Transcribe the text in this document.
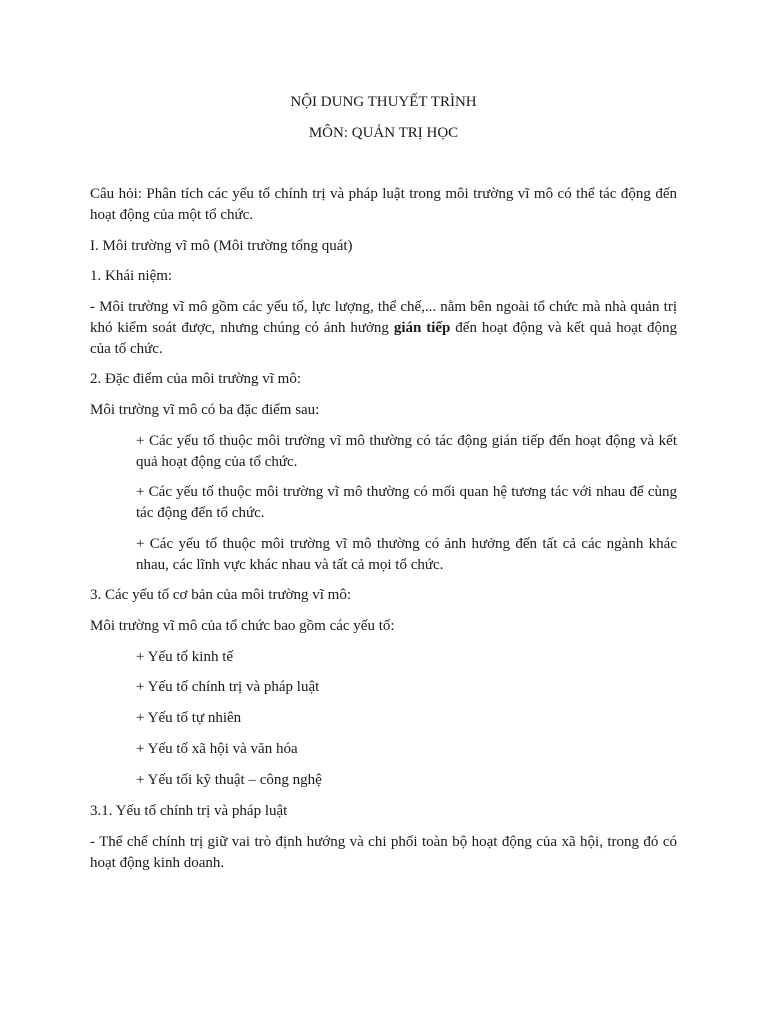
NỘI DUNG THUYẾT TRÌNH

MÔN: QUẢN TRỊ HỌC

Câu hỏi: Phân tích các yếu tố chính trị và pháp luật trong môi trường vĩ mô có thể tác động đến hoạt động của một tổ chức.

I. Môi trường vĩ mô (Môi trường tổng quát)

1. Khái niệm:

- Môi trường vĩ mô gồm các yếu tố, lực lượng, thể chế,... nằm bên ngoài tổ chức mà nhà quản trị khó kiểm soát được, nhưng chúng có ảnh hưởng gián tiếp đến hoạt động và kết quả hoạt động của tổ chức.

2. Đặc điểm của môi trường vĩ mô:

Môi trường vĩ mô có ba đặc điểm sau:

+ Các yếu tố thuộc môi trường vĩ mô thường có tác động gián tiếp đến hoạt động và kết quả hoạt động của tổ chức.

+ Các yếu tố thuộc môi trường vĩ mô thường có mối quan hệ tương tác với nhau để cùng tác động đến tổ chức.

+ Các yếu tố thuộc môi trường vĩ mô thường có ảnh hưởng đến tất cả các ngành khác nhau, các lĩnh vực khác nhau và tất cả mọi tổ chức.

3. Các yếu tố cơ bản của môi trường vĩ mô:

Môi trường vĩ mô của tổ chức bao gồm các yếu tố:

+ Yếu tố kinh tế

+ Yếu tố chính trị và pháp luật

+ Yếu tố tự nhiên

+ Yếu tố xã hội và văn hóa

+ Yếu tối kỹ thuật – công nghệ

3.1. Yếu tố chính trị và pháp luật

- Thể chế chính trị giữ vai trò định hướng và chi phối toàn bộ hoạt động của xã hội, trong đó có hoạt động kinh doanh.
